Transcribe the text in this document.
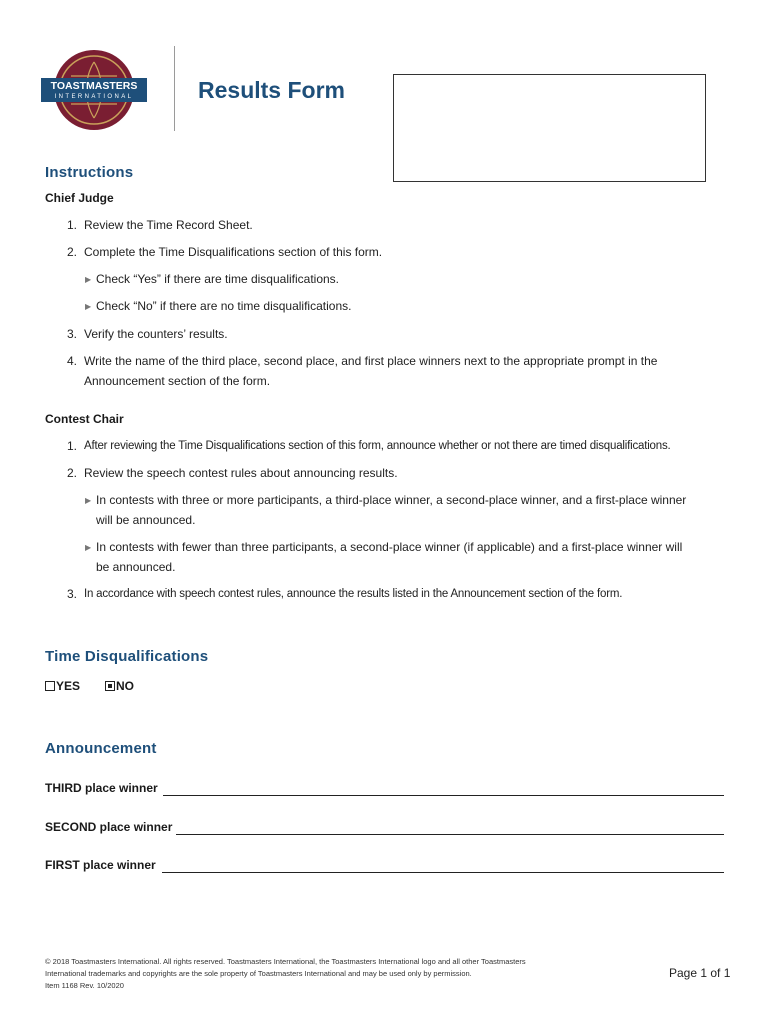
TOASTMASTERS
INTERNATIONAL	Results Form
Instructions
Chief Judge
1. Review the Time Record Sheet.
2. Complete the Time Disqualifications section of this form.
▶ Check “Yes” if there are time disqualifications.
▶ Check “No” if there are no time disqualifications.
3. Verify the counters’ results.
4. Write the name of the third place, second place, and first place winners next to the appropriate prompt in the
Announcement section of the form.
Contest Chair
1. After reviewing the Time Disqualifications section of this form, announce whether or not there are timed disqualifications.
2. Review the speech contest rules about announcing results.
▶ In contests with three or more participants, a third-place winner, a second-place winner, and a first-place winner
will be announced.
▶ In contests with fewer than three participants, a second-place winner (if applicable) and a first-place winner will
be announced.
3. In accordance with speech contest rules, announce the results listed in the Announcement section of the form.
Time Disqualifications
YES	NO
Announcement
THIRD place winner
SECOND place winner
FIRST place winner
© 2018 Toastmasters International. All rights reserved. Toastmasters International, the Toastmasters International logo and all other Toastmasters
International trademarks and copyrights are the sole property of Toastmasters International and may be used only by permission.
Item 1168 Rev. 10/2020
Page 1 of 1
